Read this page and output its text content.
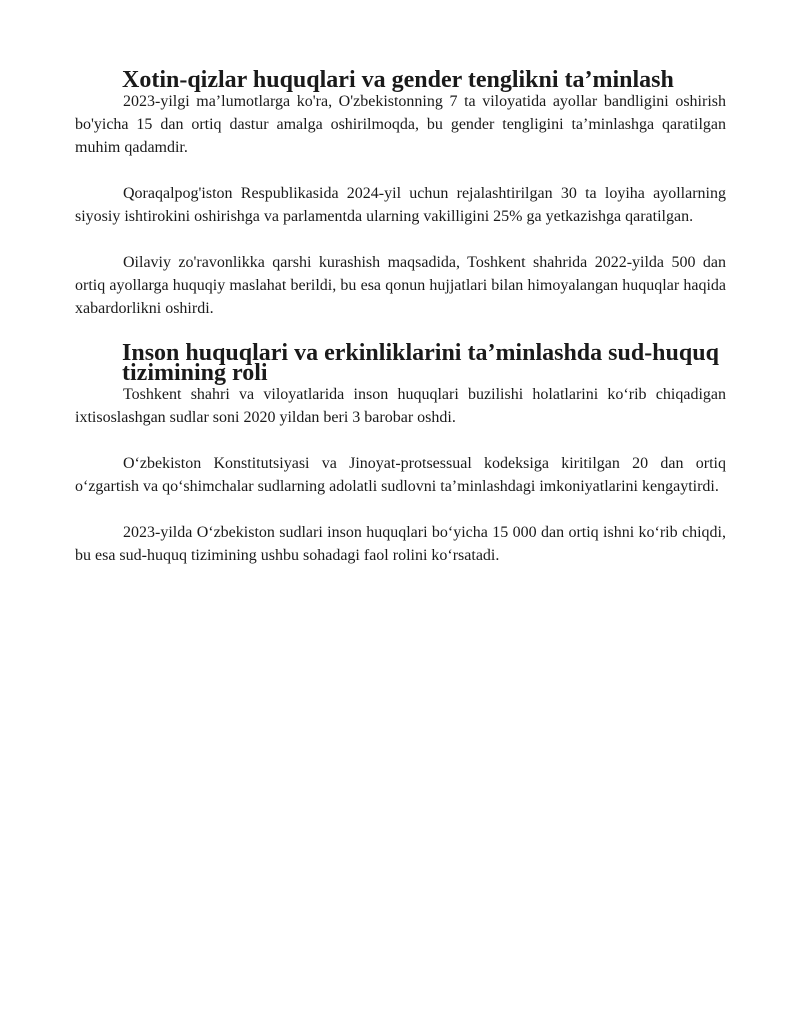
Xotin-qizlar huquqlari va gender tenglikni ta’minlash

2023-yilgi ma’lumotlarga ko'ra, O'zbekistonning 7 ta viloyatida ayollar bandligini oshirish bo'yicha 15 dan ortiq dastur amalga oshirilmoqda, bu gender tengligini ta’minlashga qaratilgan muhim qadamdir.

Qoraqalpog'iston Respublikasida 2024-yil uchun rejalashtirilgan 30 ta loyiha ayollarning siyosiy ishtirokini oshirishga va parlamentda ularning vakilligini 25% ga yetkazishga qaratilgan.

Oilaviy zo'ravonlikka qarshi kurashish maqsadida, Toshkent shahrida 2022-yilda 500 dan ortiq ayollarga huquqiy maslahat berildi, bu esa qonun hujjatlari bilan himoyalangan huquqlar haqida xabardorlikni oshirdi.

Inson huquqlari va erkinliklarini ta’minlashda sud-huquq tizimining roli

Toshkent shahri va viloyatlarida inson huquqlari buzilishi holatlarini ko‘rib chiqadigan ixtisoslashgan sudlar soni 2020 yildan beri 3 barobar oshdi.

O‘zbekiston Konstitutsiyasi va Jinoyat-protsessual kodeksiga kiritilgan 20 dan ortiq o‘zgartish va qo‘shimchalar sudlarning adolatli sudlovni ta’minlashdagi imkoniyatlarini kengaytirdi.

2023-yilda O‘zbekiston sudlari inson huquqlari bo‘yicha 15 000 dan ortiq ishni ko‘rib chiqdi, bu esa sud-huquq tizimining ushbu sohadagi faol rolini ko‘rsatadi.
